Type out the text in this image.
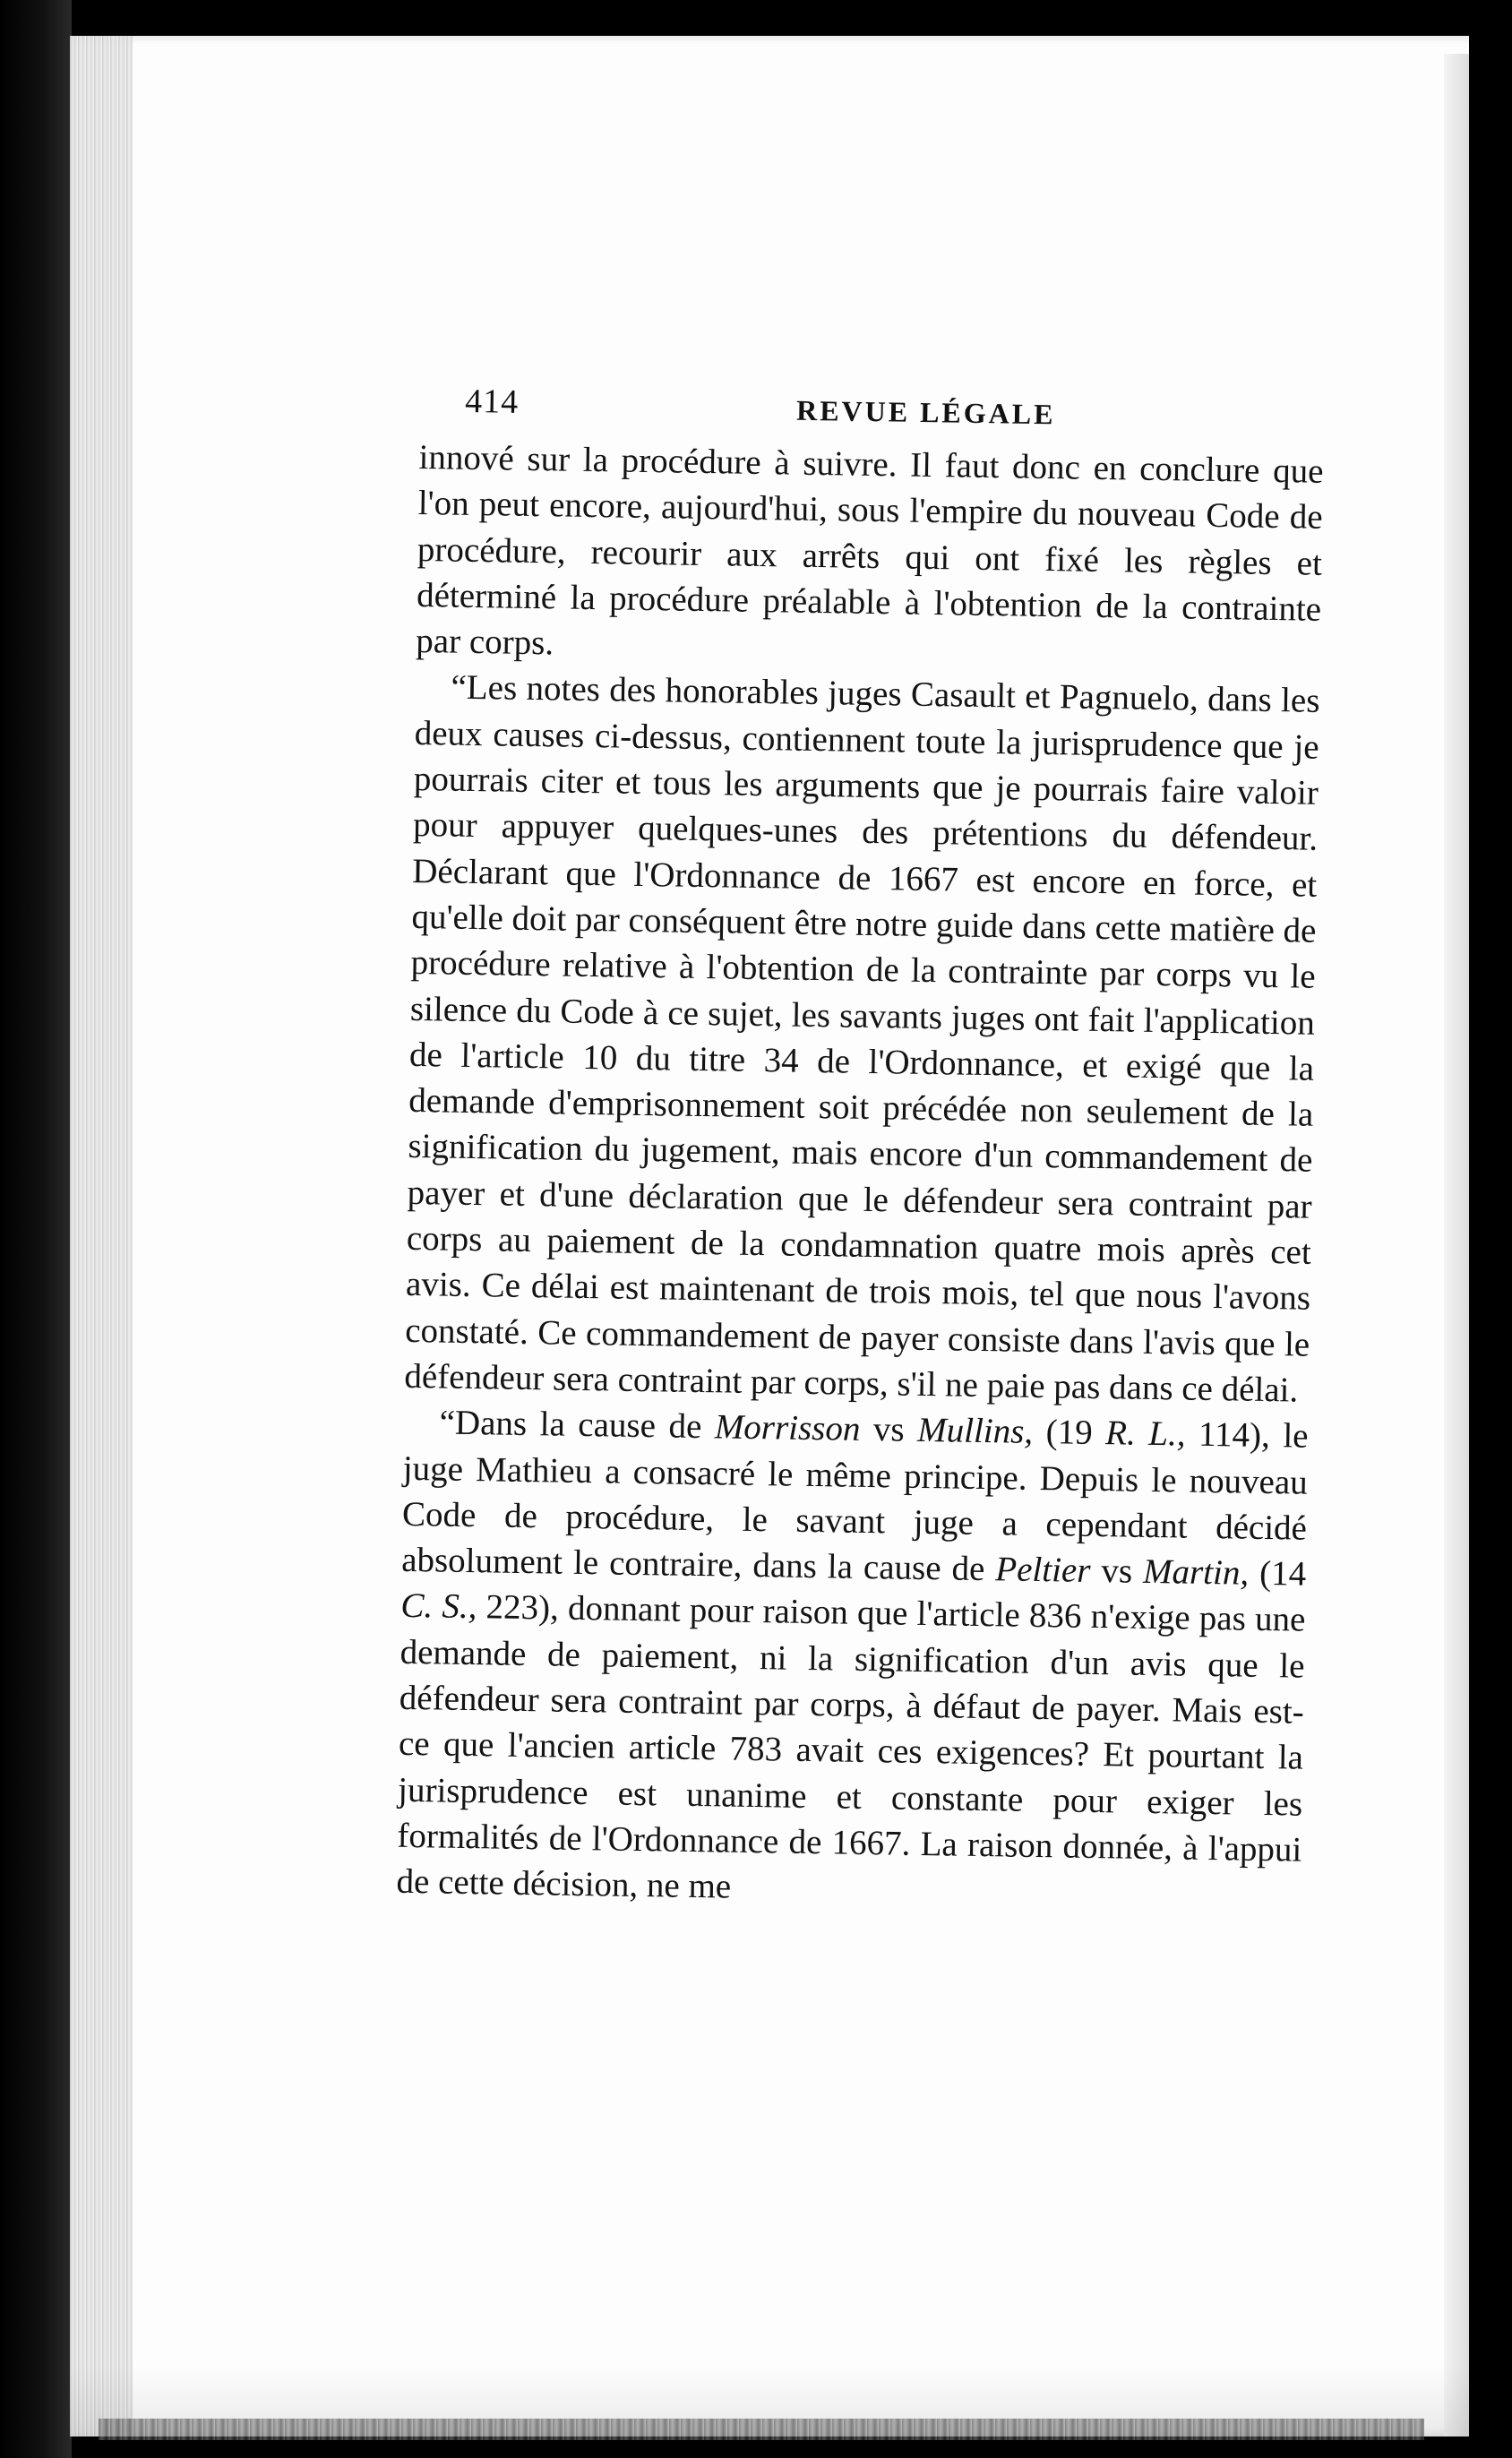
414	REVUE LÉGALE

innové sur la procédure à suivre. Il faut donc en conclure que l'on peut encore, aujourd'hui, sous l'empire du nouveau Code de procédure, recourir aux arrêts qui ont fixé les règles et déterminé la procédure préalable à l'obtention de la contrainte par corps.

“Les notes des honorables juges Casault et Pagnuelo, dans les deux causes ci-dessus, contiennent toute la jurisprudence que je pourrais citer et tous les arguments que je pourrais faire valoir pour appuyer quelques-unes des prétentions du défendeur. Déclarant que l'Ordonnance de 1667 est encore en force, et qu'elle doit par conséquent être notre guide dans cette matière de procédure relative à l'obtention de la contrainte par corps vu le silence du Code à ce sujet, les savants juges ont fait l'application de l'article 10 du titre 34 de l'Ordonnance, et exigé que la demande d'emprisonnement soit précédée non seulement de la signification du jugement, mais encore d'un commandement de payer et d'une déclaration que le défendeur sera contraint par corps au paiement de la condamnation quatre mois après cet avis. Ce délai est maintenant de trois mois, tel que nous l'avons constaté. Ce commandement de payer consiste dans l'avis que le défendeur sera contraint par corps, s'il ne paie pas dans ce délai.

“Dans la cause de Morrisson vs Mullins, (19 R. L., 114), le juge Mathieu a consacré le même principe. Depuis le nouveau Code de procédure, le savant juge a cependant décidé absolument le contraire, dans la cause de Peltier vs Martin, (14 C. S., 223), donnant pour raison que l'article 836 n'exige pas une demande de paiement, ni la signification d'un avis que le défendeur sera contraint par corps, à défaut de payer. Mais est-ce que l'ancien article 783 avait ces exigences? Et pourtant la jurisprudence est unanime et constante pour exiger les formalités de l'Ordonnance de 1667. La raison donnée, à l'appui de cette décision, ne me
